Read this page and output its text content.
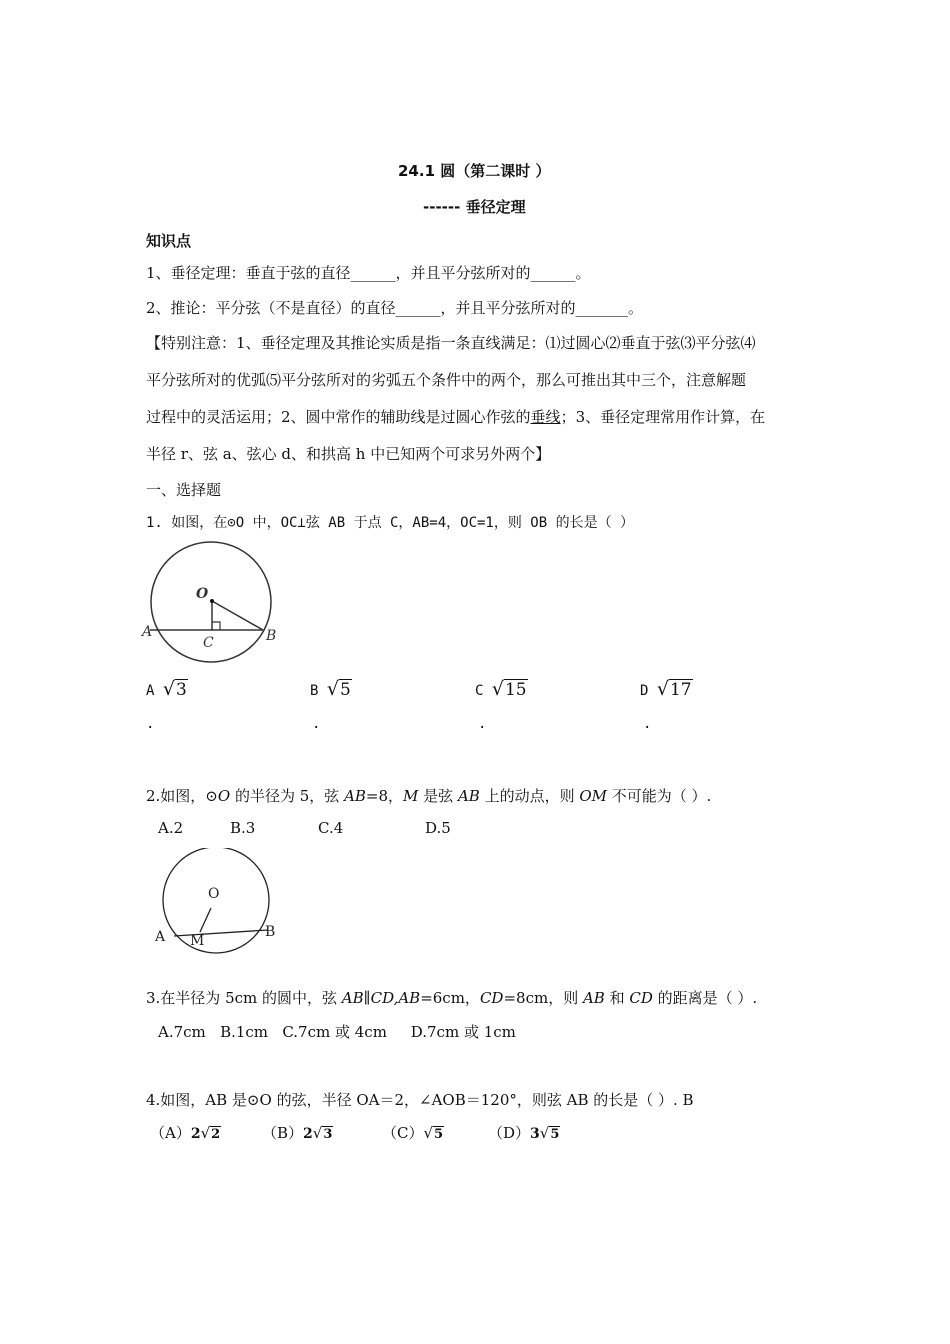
24.1 圆（第二课时 ）
------ 垂径定理
知识点
1、垂径定理：垂直于弦的直径______，并且平分弦所对的______。
2、推论：平分弦（不是直径）的直径______，并且平分弦所对的_______。
【特别注意：1、垂径定理及其推论实质是指一条直线满足：⑴过圆心⑵垂直于弦⑶平分弦⑷
平分弦所对的优弧⑸平分弦所对的劣弧五个条件中的两个，那么可推出其中三个，注意解题
过程中的灵活运用；2、圆中常作的辅助线是过圆心作弦的垂线；3、垂径定理常用作计算，在
半径 r、弦 a、弦心 d、和拱高 h 中已知两个可求另外两个】
一、选择题
1. 如图，在⊙O 中，OC⊥弦 AB 于点 C，AB=4，OC=1，则 OB 的长是（ ）
O
A	B
C
A √3
.
B √5
.
C √15
.
D √17
.
2.如图，⊙O 的半径为 5，弦 AB=8，M 是弦 AB 上的动点，则 OM 不可能为（ ）.
A.2	B.3	C.4	D.5
O
A M
B
3.在半径为 5cm 的圆中，弦 AB∥CD,AB=6cm，CD=8cm，则 AB 和 CD 的距离是（ ）.
A.7cm   B.1cm   C.7cm 或 4cm     D.7cm 或 1cm
4.如图，AB 是⊙O 的弦，半径 OA＝2，∠AOB＝120°，则弦 AB 的长是（ ）. B
（A）2√2	（B）2√3	（C）√5	（D）3√5
